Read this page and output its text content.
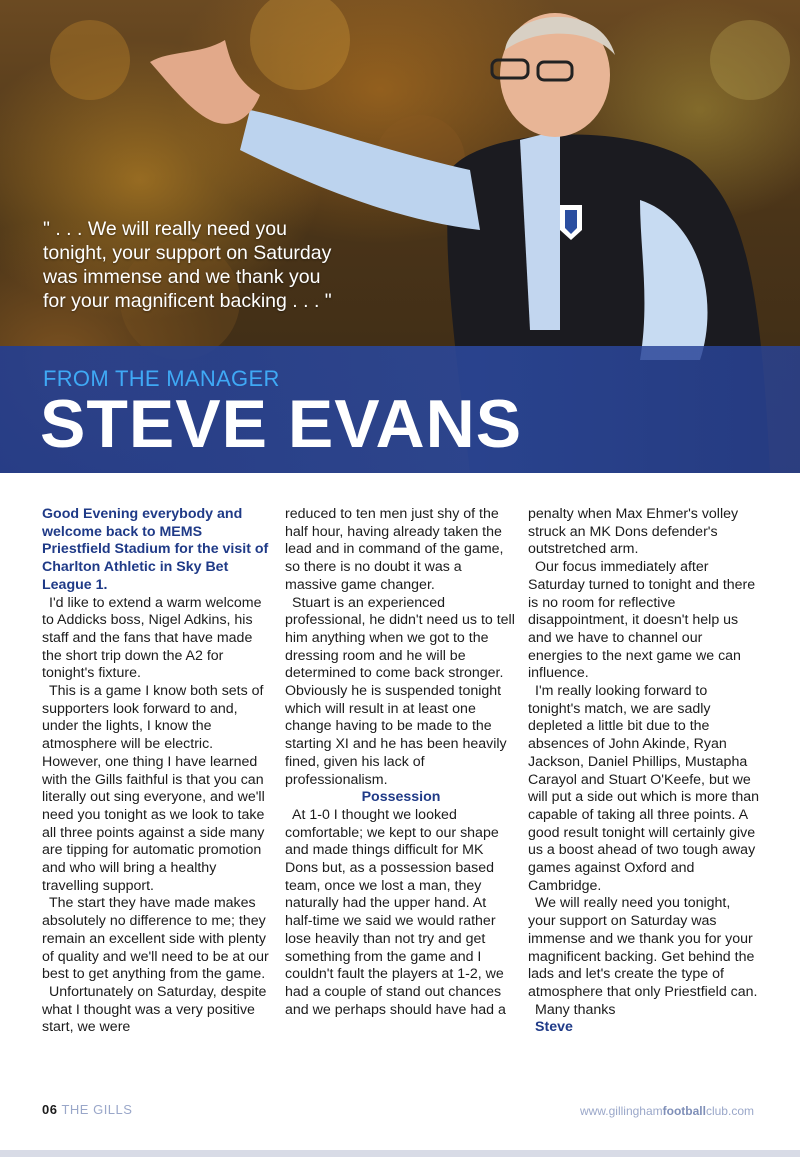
" . . . We will really need you
tonight, your support on Saturday
was immense and we thank you
for your magnificent backing . . . "
FROM THE MANAGER
STEVE EVANS

Good Evening everybody and welcome back to MEMS Priestfield Stadium for the visit of Charlton Athletic in Sky Bet League 1.

I'd like to extend a warm welcome to Addicks boss, Nigel Adkins, his staff and the fans that have made the short trip down the A2 for tonight's fixture.

This is a game I know both sets of supporters look forward to and, under the lights, I know the atmosphere will be electric. However, one thing I have learned with the Gills faithful is that you can literally out sing everyone, and we'll need you tonight as we look to take all three points against a side many are tipping for automatic promotion and who will bring a healthy travelling support.

The start they have made makes absolutely no difference to me; they remain an excellent side with plenty of quality and we'll need to be at our best to get anything from the game.

Unfortunately on Saturday, despite what I thought was a very positive start, we were

reduced to ten men just shy of the half hour, having already taken the lead and in command of the game, so there is no doubt it was a massive game changer.

Stuart is an experienced professional, he didn't need us to tell him anything when we got to the dressing room and he will be determined to come back stronger. Obviously he is suspended tonight which will result in at least one change having to be made to the starting XI and he has been heavily fined, given his lack of professionalism.

Possession

At 1-0 I thought we looked comfortable; we kept to our shape and made things difficult for MK Dons but, as a possession based team, once we lost a man, they naturally had the upper hand. At half-time we said we would rather lose heavily than not try and get something from the game and I couldn't fault the players at 1-2, we had a couple of stand out chances and we perhaps should have had a

penalty when Max Ehmer's volley struck an MK Dons defender's outstretched arm.

Our focus immediately after Saturday turned to tonight and there is no room for reflective disappointment, it doesn't help us and we have to channel our energies to the next game we can influence.

I'm really looking forward to tonight's match, we are sadly depleted a little bit due to the absences of John Akinde, Ryan Jackson, Daniel Phillips, Mustapha Carayol and Stuart O'Keefe, but we will put a side out which is more than capable of taking all three points. A good result tonight will certainly give us a boost ahead of two tough away games against Oxford and Cambridge.

We will really need you tonight, your support on Saturday was immense and we thank you for your magnificent backing. Get behind the lads and let's create the type of atmosphere that only Priestfield can.

Many thanks

Steve

06 THE GILLS	www.gillinghamfootballclub.com
